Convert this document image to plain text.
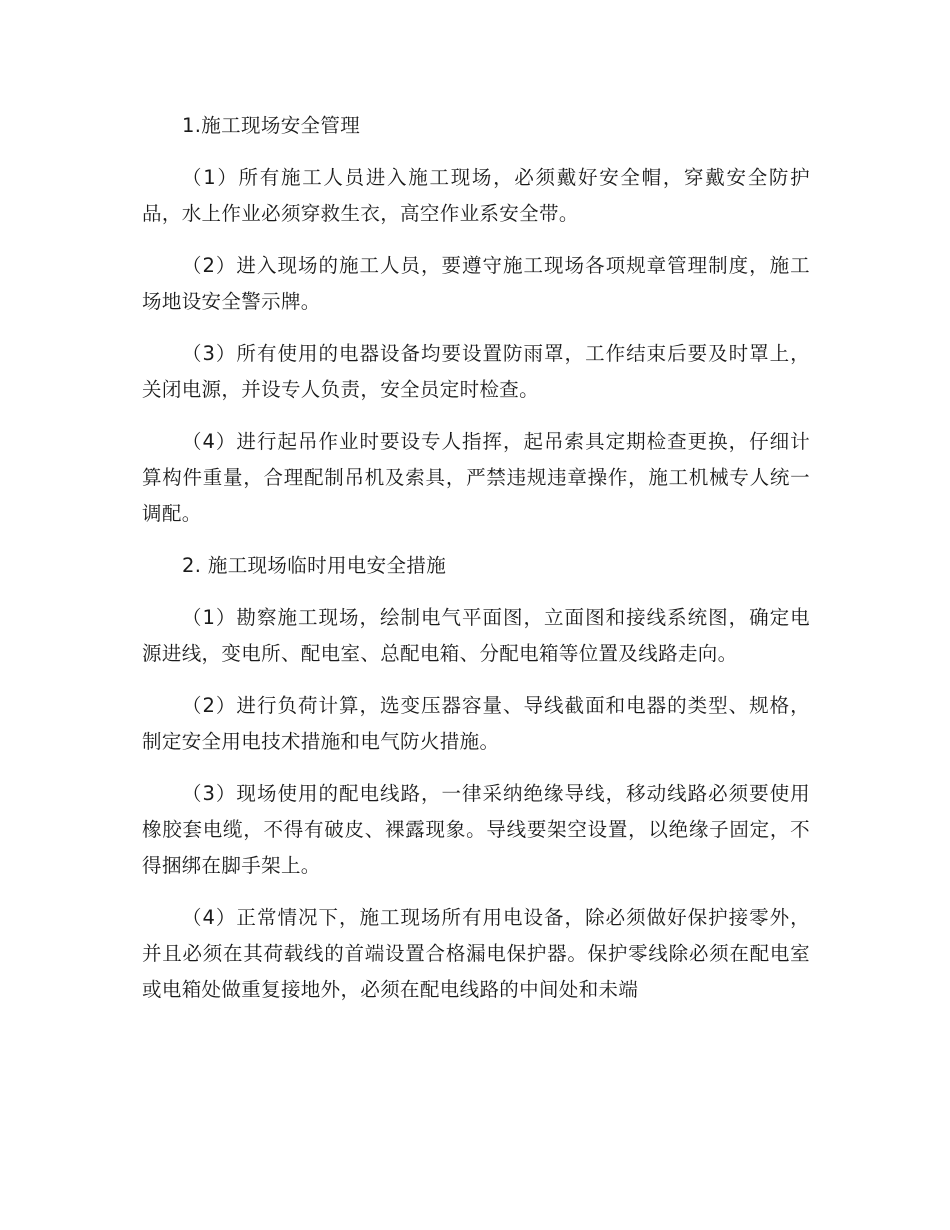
1.施工现场安全管理

（1）所有施工人员进入施工现场，必须戴好安全帽，穿戴安全防护品，水上作业必须穿救生衣，高空作业系安全带。

（2）进入现场的施工人员，要遵守施工现场各项规章管理制度，施工场地设安全警示牌。

（3）所有使用的电器设备均要设置防雨罩，工作结束后要及时罩上，关闭电源，并设专人负责，安全员定时检查。

（4）进行起吊作业时要设专人指挥，起吊索具定期检查更换，仔细计算构件重量，合理配制吊机及索具，严禁违规违章操作，施工机械专人统一调配。

2. 施工现场临时用电安全措施

（1）勘察施工现场，绘制电气平面图，立面图和接线系统图，确定电源进线，变电所、配电室、总配电箱、分配电箱等位置及线路走向。

（2）进行负荷计算，选变压器容量、导线截面和电器的类型、规格，制定安全用电技术措施和电气防火措施。

（3）现场使用的配电线路，一律采纳绝缘导线，移动线路必须要使用橡胶套电缆，不得有破皮、裸露现象。导线要架空设置，以绝缘子固定，不得捆绑在脚手架上。

（4）正常情况下，施工现场所有用电设备，除必须做好保护接零外，并且必须在其荷载线的首端设置合格漏电保护器。保护零线除必须在配电室或电箱处做重复接地外，必须在配电线路的中间处和未端
